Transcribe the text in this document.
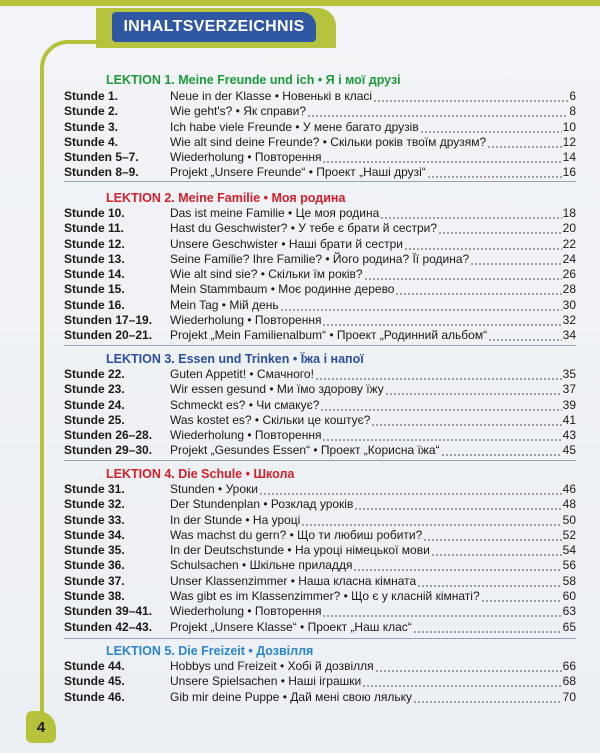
INHALTSVERZEICHNIS
LEKTION 1. Meine Freunde und ich • Я і мої друзі
Stunde 1.	Neue in der Klasse • Новенькі в класі	6
Stunde 2.	Wie geht's? • Як справи?	8
Stunde 3.	Ich habe viele Freunde • У мене багато друзів	10
Stunde 4.	Wie alt sind deine Freunde? • Скільки років твоїм друзям?	12
Stunden 5–7.	Wiederholung • Повторення	14
Stunden 8–9.	Projekt „Unsere Freunde“ • Проект „Наші друзі“	16
LEKTION 2. Meine Familie • Моя родина
Stunde 10.	Das ist meine Familie • Це моя родина	18
Stunde 11.	Hast du Geschwister? • У тебе є брати й сестри?	20
Stunde 12.	Unsere Geschwister • Наші брати й сестри	22
Stunde 13.	Seine Familie? Ihre Familie? • Його родина? Її родина?	24
Stunde 14.	Wie alt sind sie? • Скільки їм років?	26
Stunde 15.	Mein Stammbaum • Моє родинне дерево	28
Stunde 16.	Mein Tag • Мій день	30
Stunden 17–19. Wiederholung • Повторення	32
Stunden 20–21. Projekt „Mein Familienalbum“ • Проект „Родинний альбом“	34
LEKTION 3. Essen und Trinken • Їжа і напої
Stunde 22.	Guten Appetit! • Смачного!	35
Stunde 23.	Wir essen gesund • Ми їмо здорову їжу	37
Stunde 24.	Schmeckt es? • Чи смакує?	39
Stunde 25.	Was kostet es? • Скільки це коштує?	41
Stunden 26–28. Wiederholung • Повторення	43
Stunden 29–30. Projekt „Gesundes Essen“ • Проект „Корисна їжа“	45
LEKTION 4. Die Schule • Школа
Stunde 31.	Stunden • Уроки	46
Stunde 32.	Der Stundenplan • Розклад уроків	48
Stunde 33.	In der Stunde • На уроці	50
Stunde 34.	Was machst du gern? • Що ти любиш робити?	52
Stunde 35.	In der Deutschstunde • На уроці німецької мови	54
Stunde 36.	Schulsachen • Шкільне приладдя	56
Stunde 37.	Unser Klassenzimmer • Наша класна кімната	58
Stunde 38.	Was gibt es im Klassenzimmer? • Що є у класній кімнаті?	60
Stunden 39–41. Wiederholung • Повторення	63
Stunden 42–43. Projekt „Unsere Klasse“ • Проект „Наш клас“	65
LEKTION 5. Die Freizeit • Дозвілля
Stunde 44.	Hobbys und Freizeit • Хобі й дозвілля	66
Stunde 45.	Unsere Spielsachen • Наші іграшки	68
Stunde 46.	Gib mir deine Puppe • Дай мені свою ляльку	70
4
